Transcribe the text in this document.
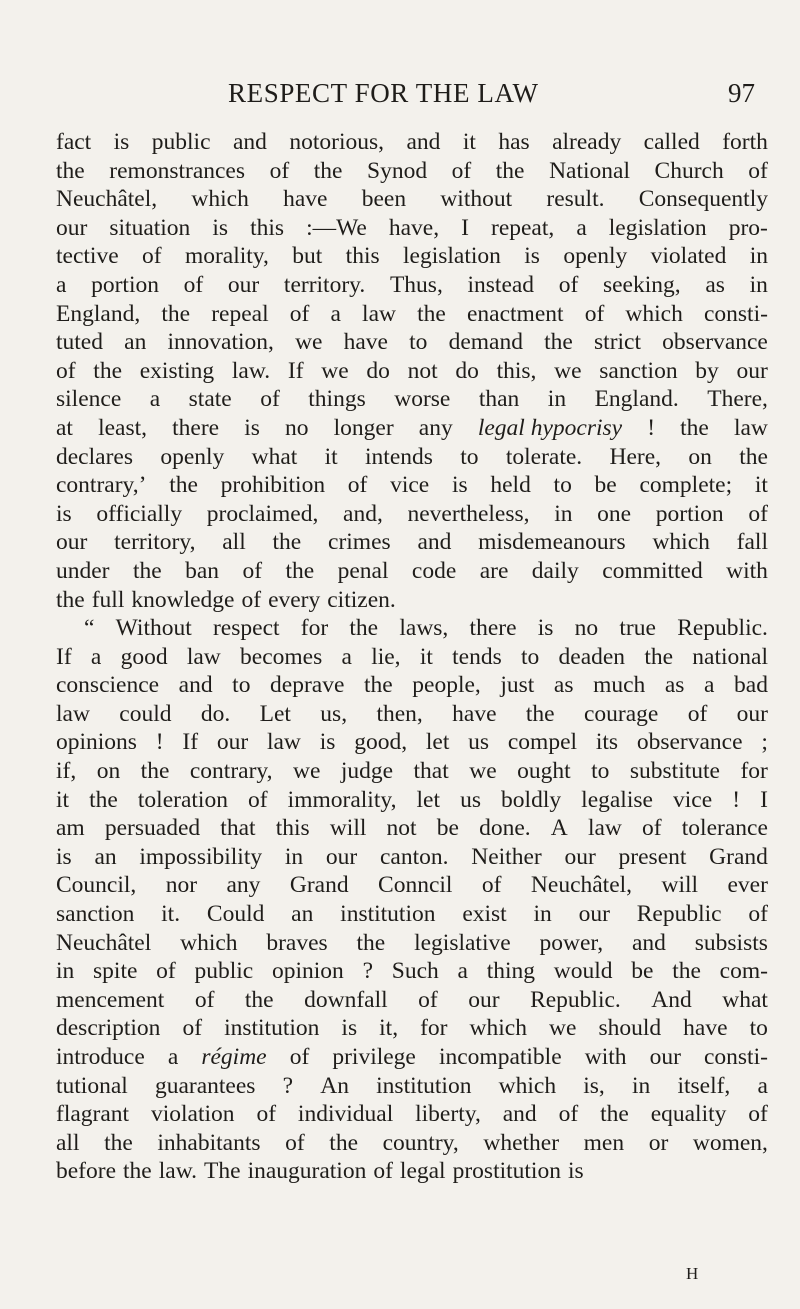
RESPECT FOR THE LAW	97
fact is public and notorious, and it has already called forth
the remonstrances of the Synod of the National Church of
Neuchâtel, which have been without result. Consequently
our situation is this :—We have, I repeat, a legislation pro-
tective of morality, but this legislation is openly violated in
a portion of our territory. Thus, instead of seeking, as in
England, the repeal of a law the enactment of which consti-
tuted an innovation, we have to demand the strict observance
of the existing law. If we do not do this, we sanction by our
silence a state of things worse than in England. There,
at least, there is no longer any legal hypocrisy ! the law
declares openly what it intends to tolerate. Here, on the
contrary,ʼ the prohibition of vice is held to be complete; it
is officially proclaimed, and, nevertheless, in one portion of
our territory, all the crimes and misdemeanours which fall
under the ban of the penal code are daily committed with
the full knowledge of every citizen.
“ Without respect for the laws, there is no true Republic.
If a good law becomes a lie, it tends to deaden the national
conscience and to deprave the people, just as much as a bad
law could do. Let us, then, have the courage of our
opinions ! If our law is good, let us compel its observance ;
if, on the contrary, we judge that we ought to substitute for
it the toleration of immorality, let us boldly legalise vice ! I
am persuaded that this will not be done. A law of tolerance
is an impossibility in our canton. Neither our present Grand
Council, nor any Grand Conncil of Neuchâtel, will ever
sanction it. Could an institution exist in our Republic of
Neuchâtel which braves the legislative power, and subsists
in spite of public opinion ? Such a thing would be the com-
mencement of the downfall of our Republic. And what
description of institution is it, for which we should have to
introduce a régime of privilege incompatible with our consti-
tutional guarantees ? An institution which is, in itself, a
flagrant violation of individual liberty, and of the equality of
all the inhabitants of the country, whether men or women,
before the law. The inauguration of legal prostitution is
H
